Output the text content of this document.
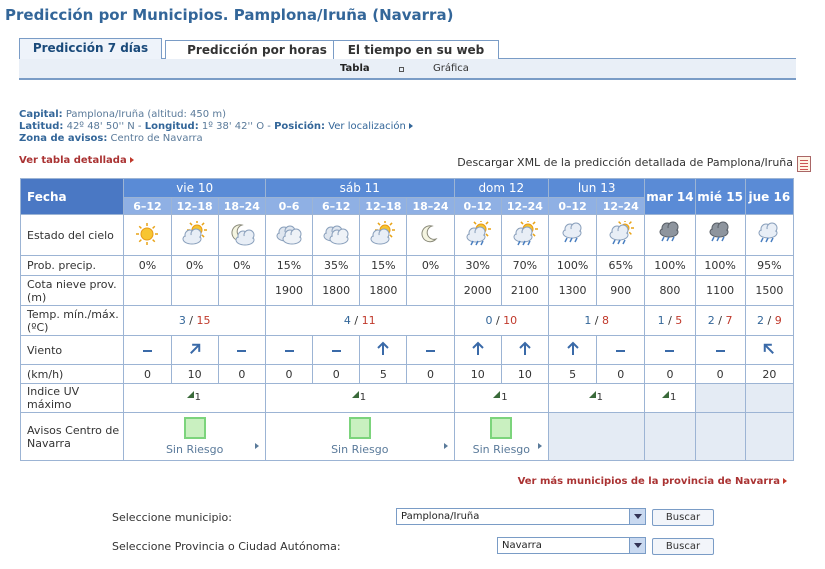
Predicción por Municipios. Pamplona/Iruña (Navarra)
Predicción 7 días	Predicción por horas	El tiempo en su web
Tabla	Gráfica
Capital: Pamplona/Iruña (altitud: 450 m)
Latitud: 42º 48' 50'' N - Longitud: 1º 38' 42'' O - Posición: Ver localización
Zona de avisos: Centro de Navarra
Ver tabla detallada	Descargar XML de la predicción detallada de Pamplona/Iruña
Fecha	vie 10			sáb 11				dom 12		lun 13		mar 14	mié 15	jue 16
	6–12	12–18	18–24	0–6	6–12	12–18	18–24	0–12	12–24	0–12	12–24			
Estado del cielo														
Prob. precip.	0%	0%	0%	15%	35%	15%	0%	30%	70%	100%	65%	100%	100%	95%
Cota nieve prov.(m)				1900	1800	1800		2000	2100	1300	900	800	1100	1500
Temp. mín./máx. (ºC)	3 / 15			4 / 11				0 / 10		1 / 8		1 / 5	2 / 7	2 / 9
Viento														
(km/h)	0	10	0	0	0	5	0	10	10	5	0	0	0	20
Indice UV máximo	1			1				1		1		1		

Avisos Centro de Navarra	Sin Riesgo			Sin Riesgo				Sin Riesgo						

Ver más municipios de la provincia de Navarra
Seleccione municipio:	Pamplona/Iruña	Buscar
Seleccione Provincia o Ciudad Autónoma:	Navarra	Buscar
